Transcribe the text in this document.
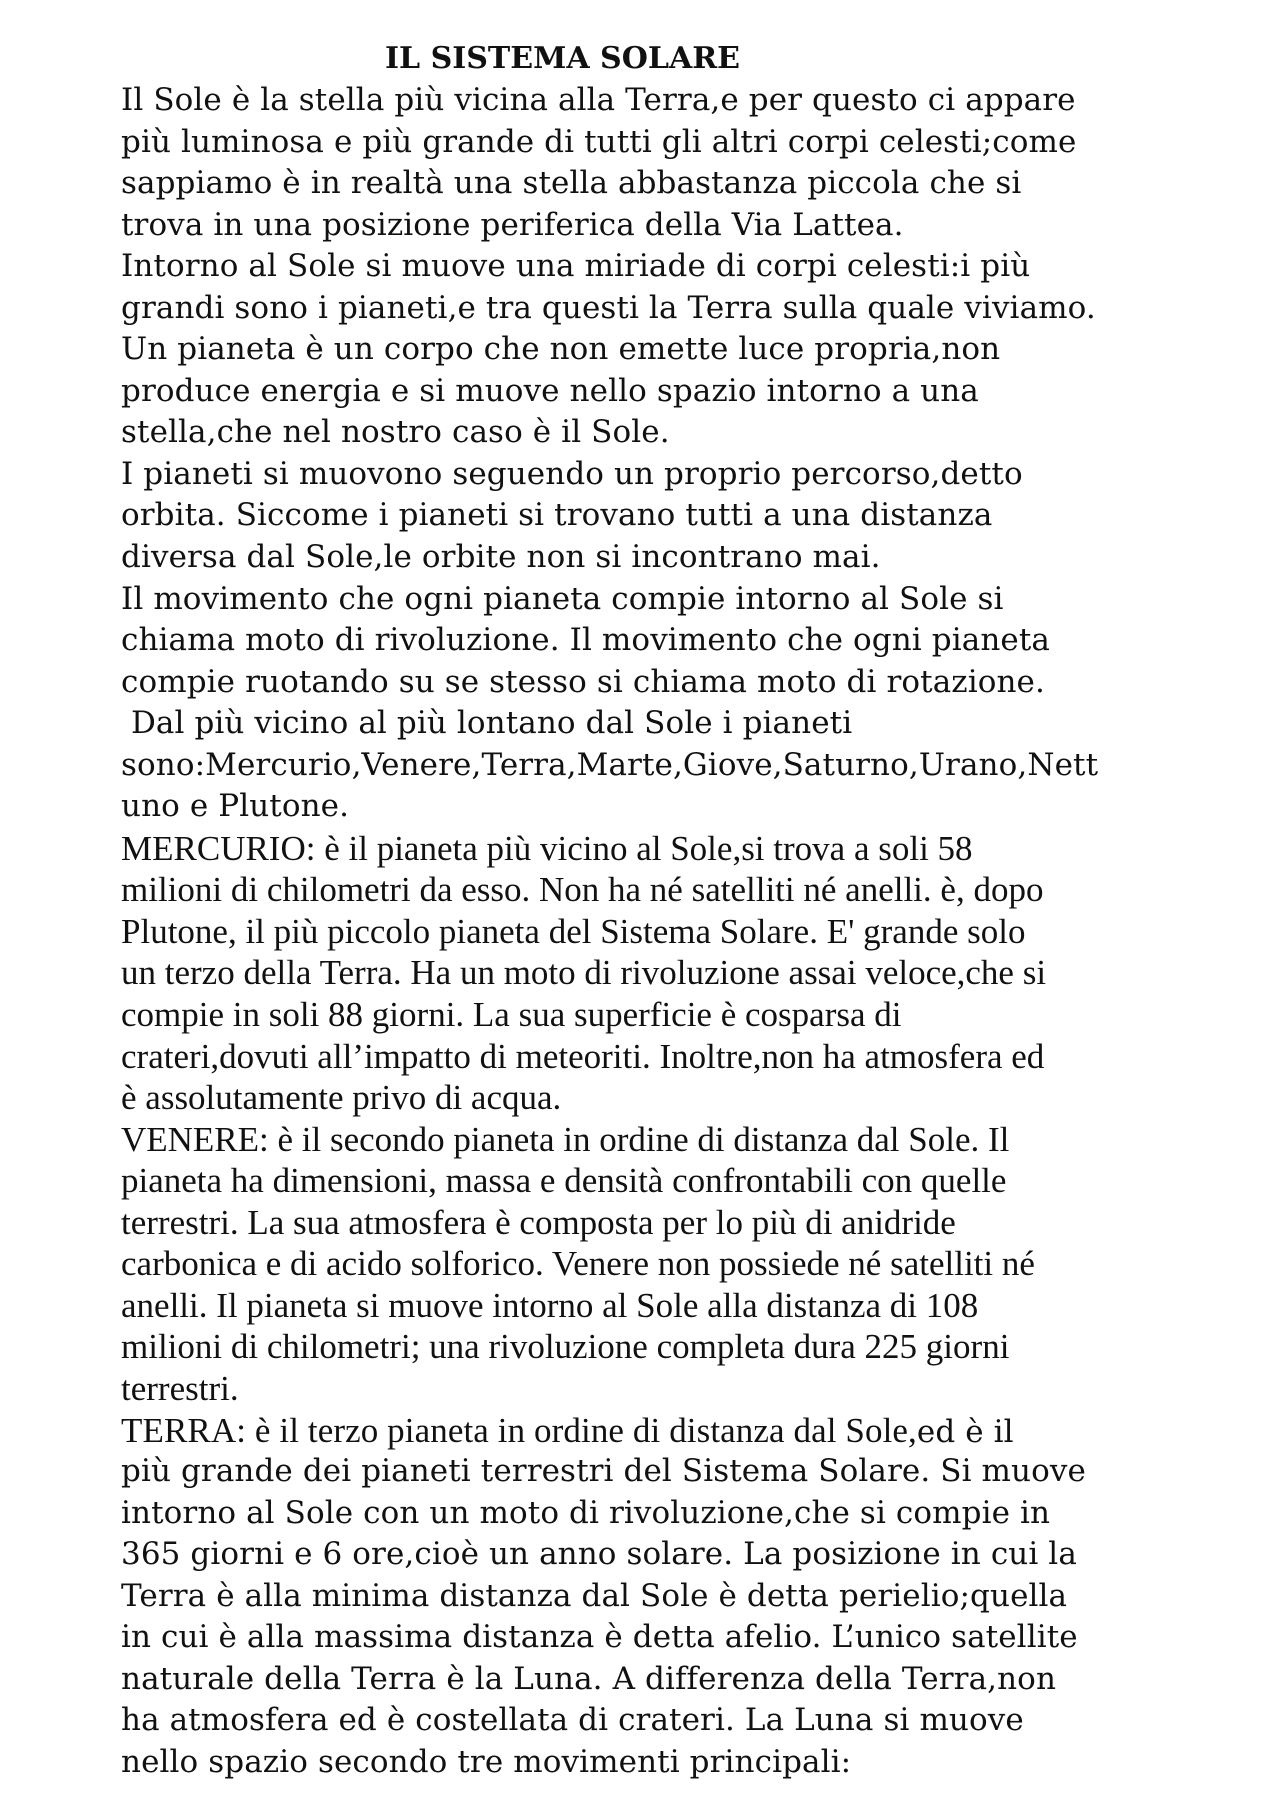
IL SISTEMA SOLARE
Il Sole è la stella più vicina alla Terra,e per questo ci appare
più luminosa e più grande di tutti gli altri corpi celesti;come
sappiamo è in realtà una stella abbastanza piccola che si
trova in una posizione periferica della Via Lattea.
Intorno al Sole si muove una miriade di corpi celesti:i più
grandi sono i pianeti,e tra questi la Terra sulla quale viviamo.
Un pianeta è un corpo che non emette luce propria,non
produce energia e si muove nello spazio intorno a una
stella,che nel nostro caso è il Sole.
I pianeti si muovono seguendo un proprio percorso,detto
orbita. Siccome i pianeti si trovano tutti a una distanza
diversa dal Sole,le orbite non si incontrano mai.
Il movimento che ogni pianeta compie intorno al Sole si
chiama moto di rivoluzione. Il movimento che ogni pianeta
compie ruotando su se stesso si chiama moto di rotazione.
Dal più vicino al più lontano dal Sole i pianeti
sono:Mercurio,Venere,Terra,Marte,Giove,Saturno,Urano,Nett
uno e Plutone.
MERCURIO: è il pianeta più vicino al Sole,si trova a soli 58
milioni di chilometri da esso. Non ha né satelliti né anelli. è, dopo
Plutone, il più piccolo pianeta del Sistema Solare. E' grande solo
un terzo della Terra. Ha un moto di rivoluzione assai veloce,che si
compie in soli 88 giorni. La sua superficie è cosparsa di
crateri,dovuti all’impatto di meteoriti. Inoltre,non ha atmosfera ed
è assolutamente privo di acqua.
VENERE: è il secondo pianeta in ordine di distanza dal Sole. Il
pianeta ha dimensioni, massa e densità confrontabili con quelle
terrestri. La sua atmosfera è composta per lo più di anidride
carbonica e di acido solforico. Venere non possiede né satelliti né
anelli. Il pianeta si muove intorno al Sole alla distanza di 108
milioni di chilometri; una rivoluzione completa dura 225 giorni
terrestri.
TERRA: è il terzo pianeta in ordine di distanza dal Sole,ed è il
più grande dei pianeti terrestri del Sistema Solare. Si muove
intorno al Sole con un moto di rivoluzione,che si compie in
365 giorni e 6 ore,cioè un anno solare. La posizione in cui la
Terra è alla minima distanza dal Sole è detta perielio;quella
in cui è alla massima distanza è detta afelio. L’unico satellite
naturale della Terra è la Luna. A differenza della Terra,non
ha atmosfera ed è costellata di crateri. La Luna si muove
nello spazio secondo tre movimenti principali:
